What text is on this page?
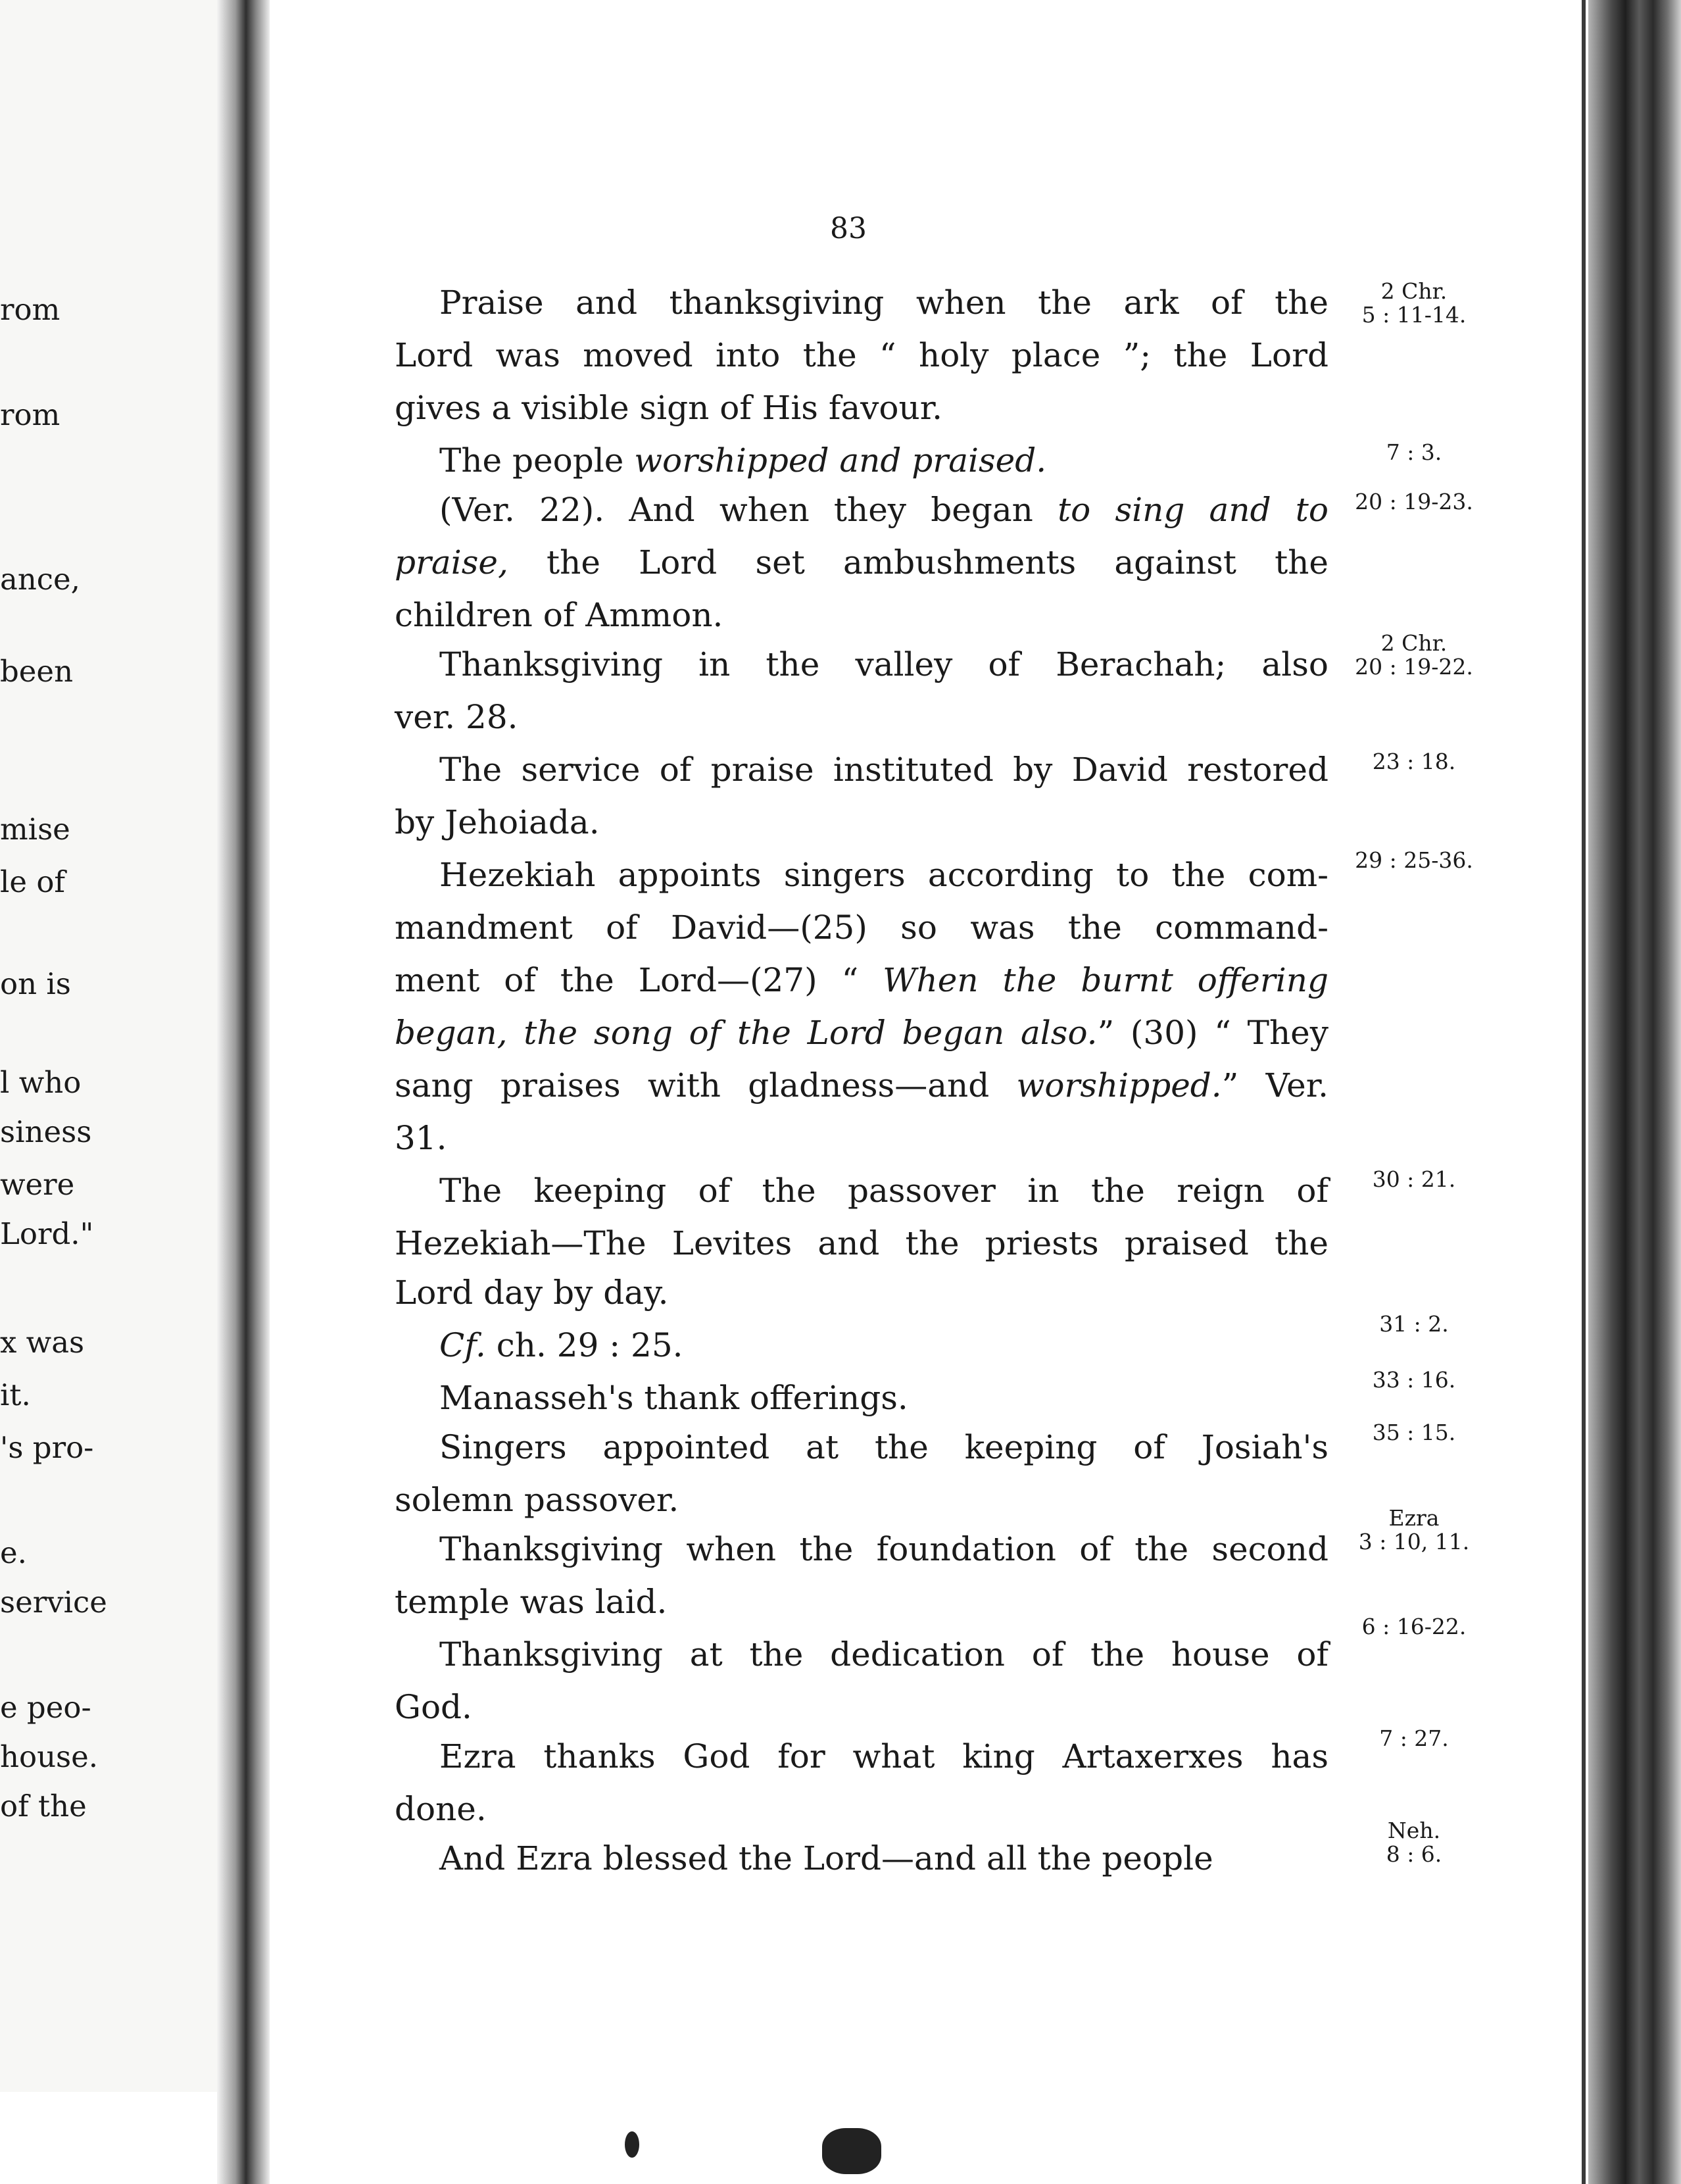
rom
rom
ance,
been
mise
le of
on is
l who
siness
were
Lord."
x was
it.
's pro-
e.
service
e peo-
house.
of the
83
Praise and thanksgiving when the ark of the
Lord was moved into the “ holy place ”; the Lord
gives a visible sign of His favour.
2 Chr.
5 : 11-14.
The people worshipped and praised.	7 : 3.
(Ver. 22). And when they began to sing and to
praise, the Lord set ambushments against the
children of Ammon.
20 : 19-23.
Thanksgiving in the valley of Berachah; also
ver. 28.
2 Chr.
20 : 19-22.
The service of praise instituted by David restored
by Jehoiada.
23 : 18.
Hezekiah appoints singers according to the com-
mandment of David—(25) so was the command-
ment of the Lord—(27) “ When the burnt offering
began, the song of the Lord began also.” (30) “ They
sang praises with gladness—and worshipped.” Ver.
31.
29 : 25-36.
The keeping of the passover in the reign of
Hezekiah—The Levites and the priests praised the
Lord day by day.
30 : 21.
Cf. ch. 29 : 25.
31 : 2.
Manasseh's thank offerings.	33 : 16.
Singers appointed at the keeping of Josiah's
solemn passover.
35 : 15.
Thanksgiving when the foundation of the second
temple was laid.
Ezra
3 : 10, 11.
Thanksgiving at the dedication of the house of
God.
6 : 16-22.
Ezra thanks God for what king Artaxerxes has
done.
7 : 27.
And Ezra blessed the Lord—and all the people
Neh.
8 : 6.
